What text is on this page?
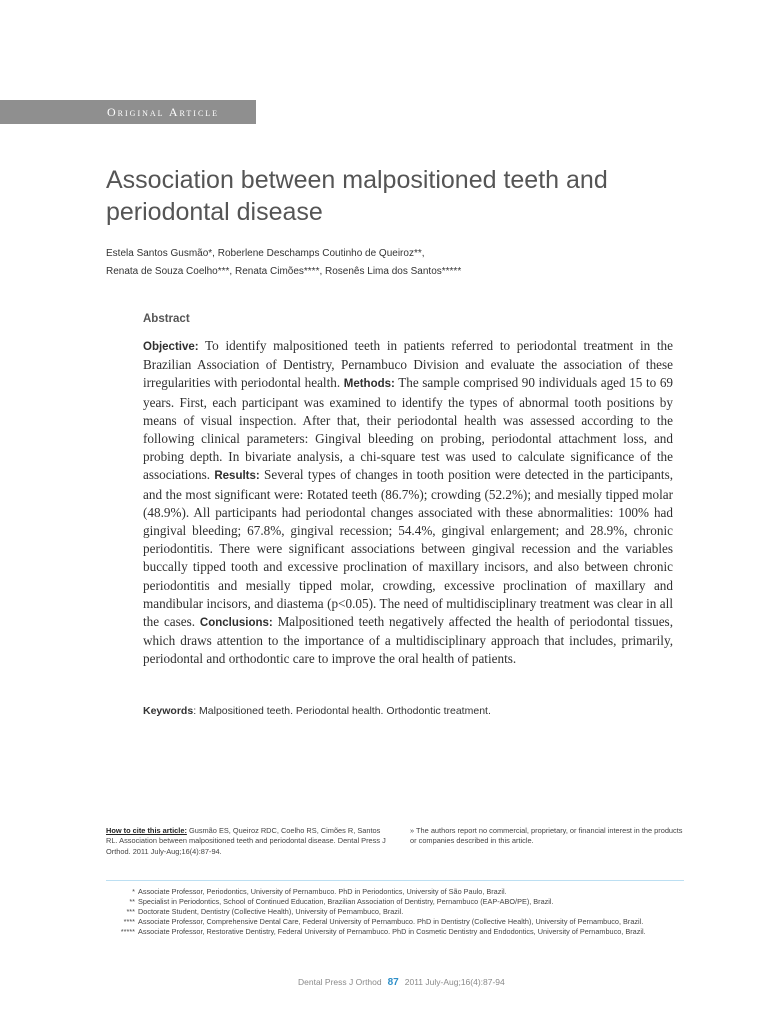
Original Article
Association between malpositioned teeth and periodontal disease
Estela Santos Gusmão*, Roberlene Deschamps Coutinho de Queiroz**,
Renata de Souza Coelho***, Renata Cimões****, Rosenês Lima dos Santos*****
Abstract

Objective: To identify malpositioned teeth in patients referred to periodontal treatment in the Brazilian Association of Dentistry, Pernambuco Division and evaluate the association of these irregularities with periodontal health. Methods: The sample comprised 90 individuals aged 15 to 69 years. First, each participant was examined to identify the types of abnormal tooth positions by means of visual inspection. After that, their periodontal health was assessed according to the following clinical parameters: Gingival bleeding on probing, periodontal attachment loss, and probing depth. In bivariate analysis, a chi-square test was used to calculate significance of the associations. Results: Several types of changes in tooth position were detected in the participants, and the most significant were: Rotated teeth (86.7%); crowding (52.2%); and mesially tipped molar (48.9%). All participants had periodontal changes associated with these abnormalities: 100% had gingival bleeding; 67.8%, gingival recession; 54.4%, gingival enlargement; and 28.9%, chronic periodontitis. There were significant associations between gingival recession and the variables buccally tipped tooth and excessive proclination of maxillary incisors, and also between chronic periodontitis and mesially tipped molar, crowding, excessive proclination of maxillary and mandibular incisors, and diastema (p<0.05). The need of multidisciplinary treatment was clear in all the cases. Conclusions: Malpositioned teeth negatively affected the health of periodontal tissues, which draws attention to the importance of a multidisciplinary approach that includes, primarily, periodontal and orthodontic care to improve the oral health of patients.

Keywords: Malpositioned teeth. Periodontal health. Orthodontic treatment.
How to cite this article: Gusmão ES, Queiroz RDC, Coelho RS, Cimões R, Santos RL. Association between malpositioned teeth and periodontal disease. Dental Press J Orthod. 2011 July-Aug;16(4):87-94.
» The authors report no commercial, proprietary, or financial interest in the products or companies described in this article.
* Associate Professor, Periodontics, University of Pernambuco. PhD in Periodontics, University of São Paulo, Brazil.
** Specialist in Periodontics, School of Continued Education, Brazilian Association of Dentistry, Pernambuco (EAP-ABO/PE), Brazil.
*** Doctorate Student, Dentistry (Collective Health), University of Pernambuco, Brazil.
**** Associate Professor, Comprehensive Dental Care, Federal University of Pernambuco. PhD in Dentistry (Collective Health), University of Pernambuco, Brazil.
***** Associate Professor, Restorative Dentistry, Federal University of Pernambuco. PhD in Cosmetic Dentistry and Endodontics, University of Pernambuco, Brazil.
Dental Press J Orthod 87 2011 July-Aug;16(4):87-94
